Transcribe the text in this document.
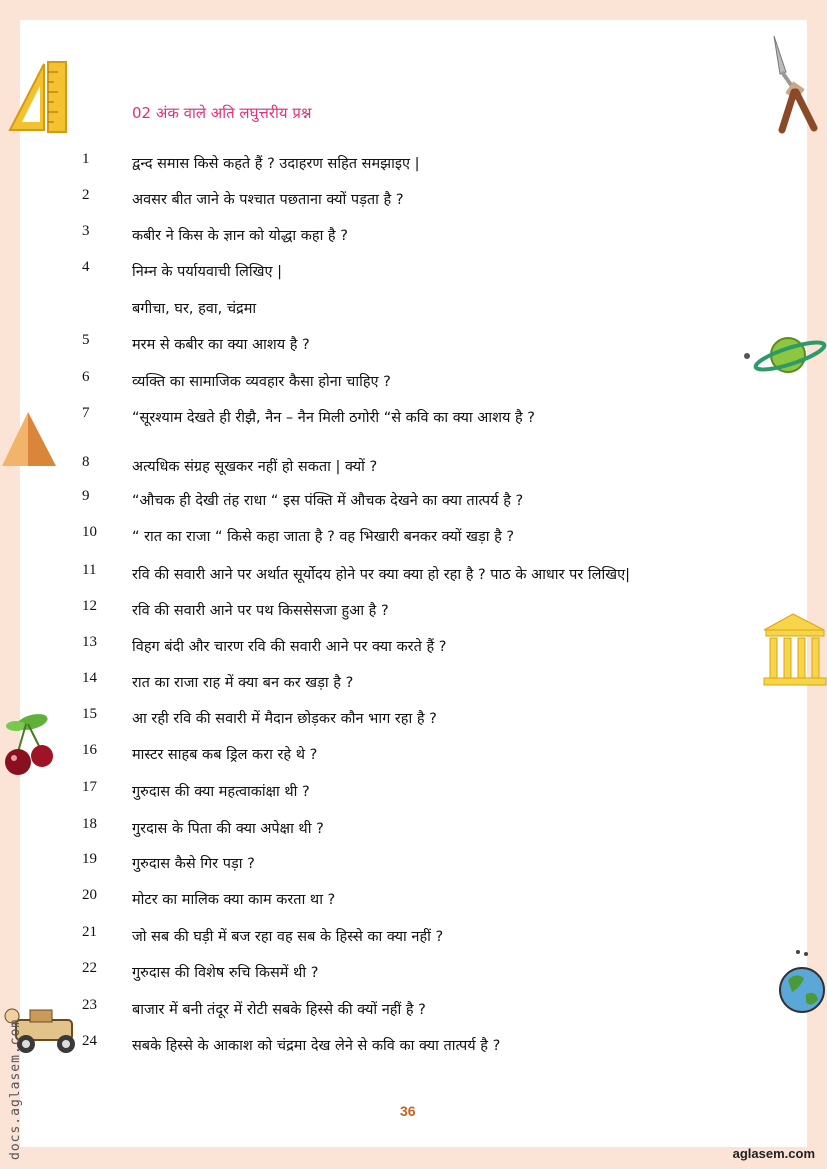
docs.aglasem.com
02 अंक वाले अति लघुत्तरीय प्रश्न
1	द्वन्द समास किसे कहते हैं ? उदाहरण सहित समझाइए |
2	अवसर बीत जाने के पश्चात पछताना क्यों पड़ता है ?
3	कबीर ने किस के ज्ञान को योद्धा कहा है ?
4	निम्न के पर्यायवाची लिखिए |
बगीचा, घर, हवा, चंद्रमा
5	मरम से कबीर का क्या आशय है ?
6	व्यक्ति का सामाजिक व्यवहार कैसा होना चाहिए ?
7	“सूरश्याम देखते ही रीझै, नैन – नैन मिली ठगोरी “से कवि का क्या आशय है ?
8	अत्यधिक संग्रह सूखकर नहीं हो सकता | क्यों ?
9	“औचक ही देखी तंह राधा “ इस पंक्ति में औचक देखने का क्या तात्पर्य है ?
10	“ रात का राजा “ किसे कहा जाता है ? वह भिखारी बनकर क्यों खड़ा है ?
11	रवि की सवारी आने पर अर्थात सूर्योदय होने पर क्या क्या हो रहा है ? पाठ के आधार पर लिखिए|
12	रवि की सवारी आने पर पथ किससेसजा हुआ है ?
13	विहग बंदी और चारण रवि की सवारी आने पर क्या करते हैं ?
14	रात का राजा राह में क्या बन कर खड़ा है ?
15	आ रही रवि की सवारी में मैदान छोड़कर कौन भाग रहा है ?
16	मास्टर साहब कब ड्रिल करा रहे थे ?
17	गुरुदास की क्या महत्वाकांक्षा थी ?
18	गुरदास के पिता की क्या अपेक्षा थी ?
19	गुरुदास कैसे गिर पड़ा ?
20	मोटर का मालिक क्या काम करता था ?
21	जो सब की घड़ी में बज रहा वह सब के हिस्से का क्या नहीं ?
22	गुरुदास की विशेष रुचि किसमें थी ?
23	बाजार में बनी तंदूर में रोटी सबके हिस्से की क्यों नहीं है ?
24	सबके हिस्से के आकाश को चंद्रमा देख लेने से कवि का क्या तात्पर्य है ?
36
aglasem.com
